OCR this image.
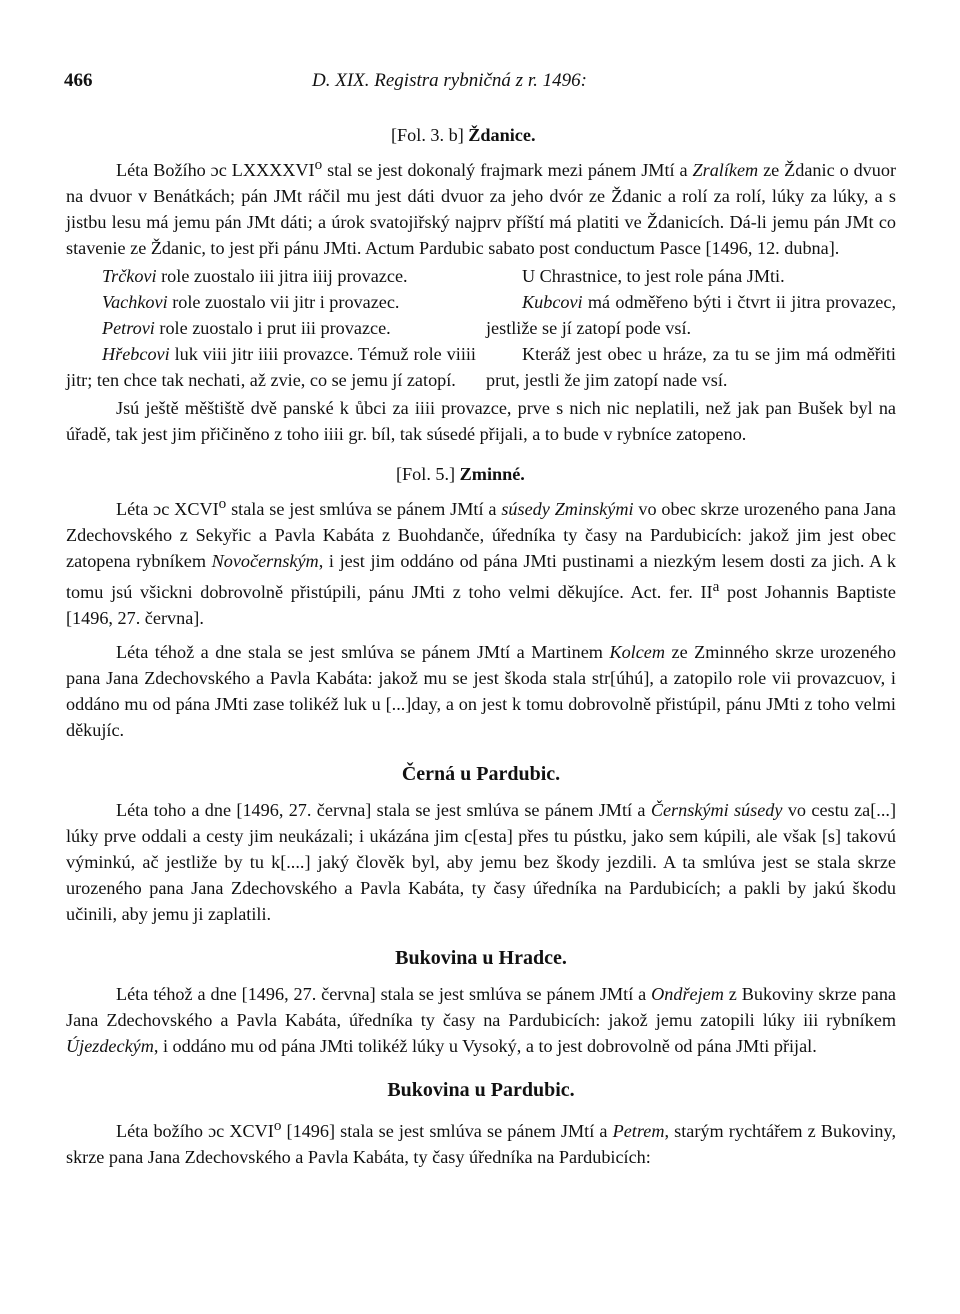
466	D. XIX. Registra rybničná z r. 1496:
[Fol. 3. b] Ždanice.

Léta Božího ɔc LXXXXVI$^o$ stal se jest dokonalý frajmark mezi pánem JMtí a Zralíkem ze Ždanic o dvuor na dvuor v Benátkách; pán JMt ráčil mu jest dáti dvuor za jeho dvór ze Ždanic a rolí za rolí, lúky za lúky, a s jistbu lesu má jemu pán JMt dáti; a úrok svatojiřský najprv příští má platiti ve Ždanicích. Dá-li jemu pán JMt co stavenie ze Ždanic, to jest při pánu JMti. Actum Pardubic sabato post conductum Pasce [1496, 12. dubna].

Trčkovi role zuostalo iii jitra iiij provazce.

Vachkovi role zuostalo vii jitr i provazec.

Petrovi role zuostalo i prut iii provazce.

Hřebcovi luk viii jitr iiii provazce. Témuž role viiii jitr; ten chce tak nechati, až zvie, co se jemu jí zatopí.

U Chrastnice, to jest role pána JMti.

Kubcovi má odměřeno býti i čtvrt ii jitra provazec, jestliže se jí zatopí pode vsí.

Kteráž jest obec u hráze, za tu se jim má odměřiti prut, jestli že jim zatopí nade vsí.

Jsú ještě měštiště dvě panské k ůbci za iiii provazce, prve s nich nic neplatili, než jak pan Bušek byl na úřadě, tak jest jim přičiněno z toho iiii gr. bíl, tak súsedé přijali, a to bude v rybníce zatopeno.

[Fol. 5.] Zminné.

Léta ɔc XCVI$^o$ stala se jest smlúva se pánem JMtí a súsedy Zminskými vo obec skrze urozeného pana Jana Zdechovského z Sekyřic a Pavla Kabáta z Buohdanče, úředníka ty časy na Pardubicích: jakož jim jest obec zatopena rybníkem Novočernským, i jest jim oddáno od pána JMti pustinami a niezkým lesem dosti za jich. A k tomu jsú všickni dobrovolně přistúpili, pánu JMti z toho velmi děkujíce. Act. fer. $II^a$ post Johannis Baptiste [1496, 27. června].

Léta téhož a dne stala se jest smlúva se pánem JMtí a Martinem Kolcem ze Zminného skrze urozeného pana Jana Zdechovského a Pavla Kabáta: jakož mu se jest škoda stala str[úhú], a zatopilo role vii provazcuov, i oddáno mu od pána JMti zase tolikéž luk u [...]day, a on jest k tomu dobrovolně přistúpil, pánu JMti z toho velmi děkujíc.

Černá u Pardubic.

Léta toho a dne [1496, 27. června] stala se jest smlúva se pánem JMtí a Černskými súsedy vo cestu za[...] lúky prve oddali a cesty jim neukázali; i ukázána jim c[esta] přes tu pústku, jako sem kúpili, ale však [s] takovú výminkú, ač jestliže by tu k[....] jaký člověk byl, aby jemu bez škody jezdili. A ta smlúva jest se stala skrze urozeného pana Jana Zdechovského a Pavla Kabáta, ty časy úředníka na Pardubicích; a pakli by jakú škodu učinili, aby jemu ji zaplatili.

Bukovina u Hradce.

Léta téhož a dne [1496, 27. června] stala se jest smlúva se pánem JMtí a Ondřejem z Bukoviny skrze pana Jana Zdechovského a Pavla Kabáta, úředníka ty časy na Pardubicích: jakož jemu zatopili lúky iii rybníkem Újezdeckým, i oddáno mu od pána JMti tolikéž lúky u Vysoký, a to jest dobrovolně od pána JMti přijal.

Bukovina u Pardubic.

Léta božího ɔc XCVI$^o$ [1496] stala se jest smlúva se pánem JMtí a Petrem, starým rychtářem z Bukoviny, skrze pana Jana Zdechovského a Pavla Kabáta, ty časy úředníka na Pardubicích:
